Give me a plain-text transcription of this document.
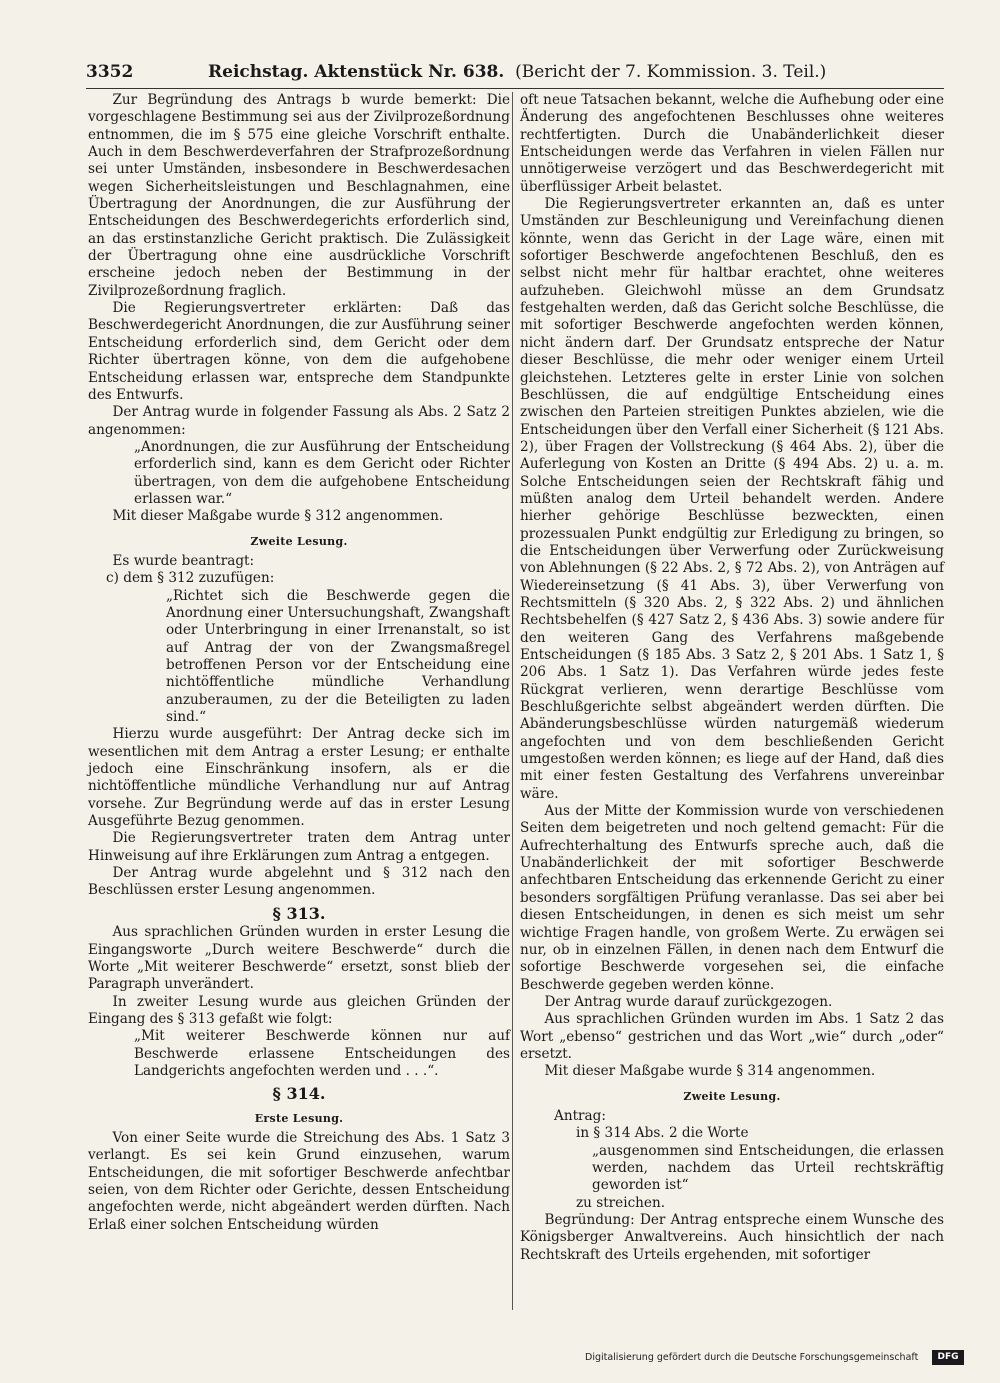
3352	Reichstag. Aktenstück Nr. 638. (Bericht der 7. Kommission. 3. Teil.)

Zur Begründung des Antrags b wurde bemerkt: Die vorgeschlagene Bestimmung sei aus der Zivilprozeßordnung entnommen, die im § 575 eine gleiche Vorschrift enthalte. Auch in dem Beschwerdeverfahren der Strafprozeßordnung sei unter Umständen, insbesondere in Beschwerdesachen wegen Sicherheitsleistungen und Beschlagnahmen, eine Übertragung der Anordnungen, die zur Ausführung der Entscheidungen des Beschwerdegerichts erforderlich sind, an das erstinstanzliche Gericht praktisch. Die Zulässigkeit der Übertragung ohne eine ausdrückliche Vorschrift erscheine jedoch neben der Bestimmung in der Zivilprozeßordnung fraglich.

Die Regierungsvertreter erklärten: Daß das Beschwerdegericht Anordnungen, die zur Ausführung seiner Entscheidung erforderlich sind, dem Gericht oder dem Richter übertragen könne, von dem die aufgehobene Entscheidung erlassen war, entspreche dem Standpunkte des Entwurfs.

Der Antrag wurde in folgender Fassung als Abs. 2 Satz 2 angenommen:

„Anordnungen, die zur Ausführung der Entscheidung erforderlich sind, kann es dem Gericht oder Richter übertragen, von dem die aufgehobene Entscheidung erlassen war.“

Mit dieser Maßgabe wurde § 312 angenommen.

Zweite Lesung.

Es wurde beantragt:

c) dem § 312 zuzufügen:

„Richtet sich die Beschwerde gegen die Anordnung einer Untersuchungshaft, Zwangshaft oder Unterbringung in einer Irrenanstalt, so ist auf Antrag der von der Zwangsmaßregel betroffenen Person vor der Entscheidung eine nichtöffentliche mündliche Verhandlung anzuberaumen, zu der die Beteiligten zu laden sind.“

Hierzu wurde ausgeführt: Der Antrag decke sich im wesentlichen mit dem Antrag a erster Lesung; er enthalte jedoch eine Einschränkung insofern, als er die nichtöffentliche mündliche Verhandlung nur auf Antrag vorsehe. Zur Begründung werde auf das in erster Lesung Ausgeführte Bezug genommen.

Die Regierungsvertreter traten dem Antrag unter Hinweisung auf ihre Erklärungen zum Antrag a entgegen.

Der Antrag wurde abgelehnt und § 312 nach den Beschlüssen erster Lesung angenommen.

§ 313.

Aus sprachlichen Gründen wurden in erster Lesung die Eingangsworte „Durch weitere Beschwerde“ durch die Worte „Mit weiterer Beschwerde“ ersetzt, sonst blieb der Paragraph unverändert.

In zweiter Lesung wurde aus gleichen Gründen der Eingang des § 313 gefaßt wie folgt:

„Mit weiterer Beschwerde können nur auf Beschwerde erlassene Entscheidungen des Landgerichts angefochten werden und . . .“.

§ 314.
Erste Lesung.

Von einer Seite wurde die Streichung des Abs. 1 Satz 3 verlangt. Es sei kein Grund einzusehen, warum Entscheidungen, die mit sofortiger Beschwerde anfechtbar seien, von dem Richter oder Gerichte, dessen Entscheidung angefochten werde, nicht abgeändert werden dürften. Nach Erlaß einer solchen Entscheidung würden

oft neue Tatsachen bekannt, welche die Aufhebung oder eine Änderung des angefochtenen Beschlusses ohne weiteres rechtfertigten. Durch die Unabänderlichkeit dieser Entscheidungen werde das Verfahren in vielen Fällen nur unnötigerweise verzögert und das Beschwerdegericht mit überflüssiger Arbeit belastet.

Die Regierungsvertreter erkannten an, daß es unter Umständen zur Beschleunigung und Vereinfachung dienen könnte, wenn das Gericht in der Lage wäre, einen mit sofortiger Beschwerde angefochtenen Beschluß, den es selbst nicht mehr für haltbar erachtet, ohne weiteres aufzuheben. Gleichwohl müsse an dem Grundsatz festgehalten werden, daß das Gericht solche Beschlüsse, die mit sofortiger Beschwerde angefochten werden können, nicht ändern darf. Der Grundsatz entspreche der Natur dieser Beschlüsse, die mehr oder weniger einem Urteil gleichstehen. Letzteres gelte in erster Linie von solchen Beschlüssen, die auf endgültige Entscheidung eines zwischen den Parteien streitigen Punktes abzielen, wie die Entscheidungen über den Verfall einer Sicherheit (§ 121 Abs. 2), über Fragen der Vollstreckung (§ 464 Abs. 2), über die Auferlegung von Kosten an Dritte (§ 494 Abs. 2) u. a. m. Solche Entscheidungen seien der Rechtskraft fähig und müßten analog dem Urteil behandelt werden. Andere hierher gehörige Beschlüsse bezweckten, einen prozessualen Punkt endgültig zur Erledigung zu bringen, so die Entscheidungen über Verwerfung oder Zurückweisung von Ablehnungen (§ 22 Abs. 2, § 72 Abs. 2), von Anträgen auf Wiedereinsetzung (§ 41 Abs. 3), über Verwerfung von Rechtsmitteln (§ 320 Abs. 2, § 322 Abs. 2) und ähnlichen Rechtsbehelfen (§ 427 Satz 2, § 436 Abs. 3) sowie andere für den weiteren Gang des Verfahrens maßgebende Entscheidungen (§ 185 Abs. 3 Satz 2, § 201 Abs. 1 Satz 1, § 206 Abs. 1 Satz 1). Das Verfahren würde jedes feste Rückgrat verlieren, wenn derartige Beschlüsse vom Beschlußgerichte selbst abgeändert werden dürften. Die Abänderungsbeschlüsse würden naturgemäß wiederum angefochten und von dem beschließenden Gericht umgestoßen werden können; es liege auf der Hand, daß dies mit einer festen Gestaltung des Verfahrens unvereinbar wäre.

Aus der Mitte der Kommission wurde von verschiedenen Seiten dem beigetreten und noch geltend gemacht: Für die Aufrechterhaltung des Entwurfs spreche auch, daß die Unabänderlichkeit der mit sofortiger Beschwerde anfechtbaren Entscheidung das erkennende Gericht zu einer besonders sorgfältigen Prüfung veranlasse. Das sei aber bei diesen Entscheidungen, in denen es sich meist um sehr wichtige Fragen handle, von großem Werte. Zu erwägen sei nur, ob in einzelnen Fällen, in denen nach dem Entwurf die sofortige Beschwerde vorgesehen sei, die einfache Beschwerde gegeben werden könne.

Der Antrag wurde darauf zurückgezogen.

Aus sprachlichen Gründen wurden im Abs. 1 Satz 2 das Wort „ebenso“ gestrichen und das Wort „wie“ durch „oder“ ersetzt.

Mit dieser Maßgabe wurde § 314 angenommen.

Zweite Lesung.

Antrag:

in § 314 Abs. 2 die Worte

„ausgenommen sind Entscheidungen, die erlassen werden, nachdem das Urteil rechtskräftig geworden ist“

zu streichen.

Begründung: Der Antrag entspreche einem Wunsche des Königsberger Anwaltvereins. Auch hinsichtlich der nach Rechtskraft des Urteils ergehenden, mit sofortiger

Digitalisierung gefördert durch die Deutsche Forschungsgemeinschaft	DFG
